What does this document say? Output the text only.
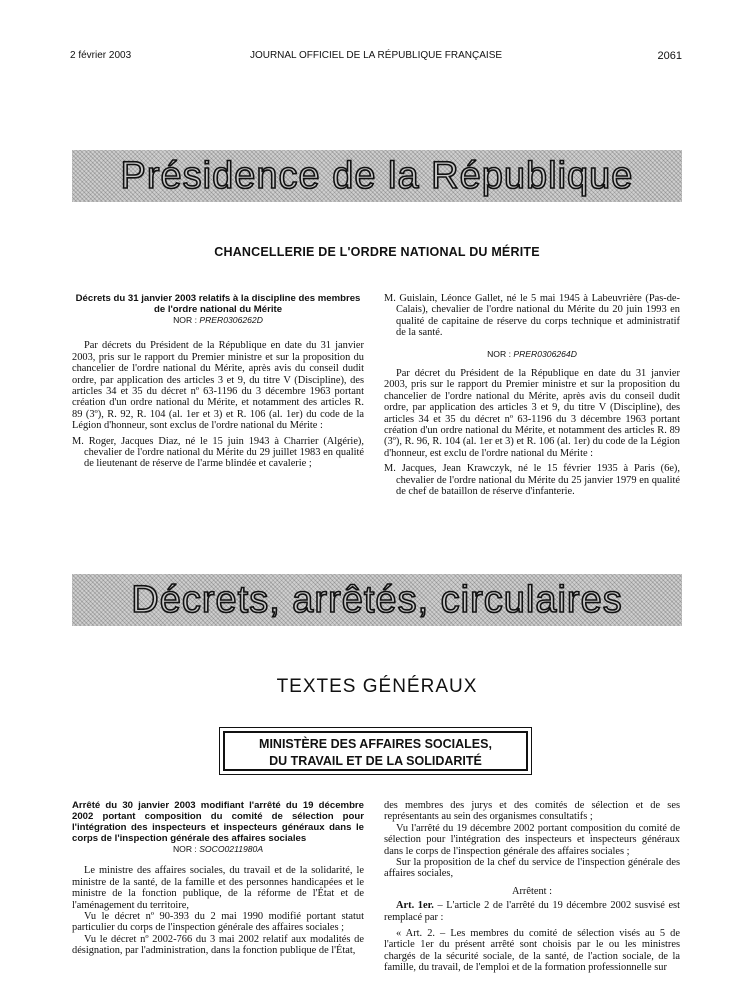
2 février 2003	JOURNAL OFFICIEL DE LA RÉPUBLIQUE FRANÇAISE	2061
Présidence de la République
CHANCELLERIE DE L'ORDRE NATIONAL DU MÉRITE

Décrets du 31 janvier 2003 relatifs à la discipline des membres de l'ordre national du Mérite

NOR : PRER0306262D

Par décrets du Président de la République en date du 31 janvier 2003, pris sur le rapport du Premier ministre et sur la proposition du chancelier de l'ordre national du Mérite, après avis du conseil dudit ordre, par application des articles 3 et 9, du titre V (Discipline), des articles 34 et 35 du décret nº 63-1196 du 3 décembre 1963 portant création d'un ordre national du Mérite, et notamment des articles R. 89 (3º), R. 92, R. 104 (al. 1er et 3) et R. 106 (al. 1er) du code de la Légion d'honneur, sont exclus de l'ordre national du Mérite :

M. Roger, Jacques Diaz, né le 15 juin 1943 à Charrier (Algérie), chevalier de l'ordre national du Mérite du 29 juillet 1983 en qualité de lieutenant de réserve de l'arme blindée et cavalerie ;

M. Guislain, Léonce Gallet, né le 5 mai 1945 à Labeuvrière (Pas-de-Calais), chevalier de l'ordre national du Mérite du 20 juin 1993 en qualité de capitaine de réserve du corps technique et administratif de la santé.

NOR : PRER0306264D

Par décret du Président de la République en date du 31 janvier 2003, pris sur le rapport du Premier ministre et sur la proposition du chancelier de l'ordre national du Mérite, après avis du conseil dudit ordre, par application des articles 3 et 9, du titre V (Discipline), des articles 34 et 35 du décret nº 63-1196 du 3 décembre 1963 portant création d'un ordre national du Mérite, et notamment des articles R. 89 (3º), R. 96, R. 104 (al. 1er et 3) et R. 106 (al. 1er) du code de la Légion d'honneur, est exclu de l'ordre national du Mérite :

M. Jacques, Jean Krawczyk, né le 15 février 1935 à Paris (6e), chevalier de l'ordre national du Mérite du 25 janvier 1979 en qualité de chef de bataillon de réserve d'infanterie.

Décrets, arrêtés, circulaires
TEXTES GÉNÉRAUX
MINISTÈRE DES AFFAIRES SOCIALES,
DU TRAVAIL ET DE LA SOLIDARITÉ

Arrêté du 30 janvier 2003 modifiant l'arrêté du 19 décembre 2002 portant composition du comité de sélection pour l'intégration des inspecteurs et inspecteurs généraux dans le corps de l'inspection générale des affaires sociales

NOR : SOCO0211980A

Le ministre des affaires sociales, du travail et de la solidarité, le ministre de la santé, de la famille et des personnes handicapées et le ministre de la fonction publique, de la réforme de l'État et de l'aménagement du territoire,

Vu le décret nº 90-393 du 2 mai 1990 modifié portant statut particulier du corps de l'inspection générale des affaires sociales ;

Vu le décret nº 2002-766 du 3 mai 2002 relatif aux modalités de désignation, par l'administration, dans la fonction publique de l'État,

des membres des jurys et des comités de sélection et de ses représentants au sein des organismes consultatifs ;

Vu l'arrêté du 19 décembre 2002 portant composition du comité de sélection pour l'intégration des inspecteurs et inspecteurs généraux dans le corps de l'inspection générale des affaires sociales ;

Sur la proposition de la chef du service de l'inspection générale des affaires sociales,

Arrêtent :

Art. 1er. – L'article 2 de l'arrêté du 19 décembre 2002 susvisé est remplacé par :

« Art. 2. – Les membres du comité de sélection visés au 5 de l'article 1er du présent arrêté sont choisis par le ou les ministres chargés de la sécurité sociale, de la santé, de l'action sociale, de la famille, du travail, de l'emploi et de la formation professionnelle sur
